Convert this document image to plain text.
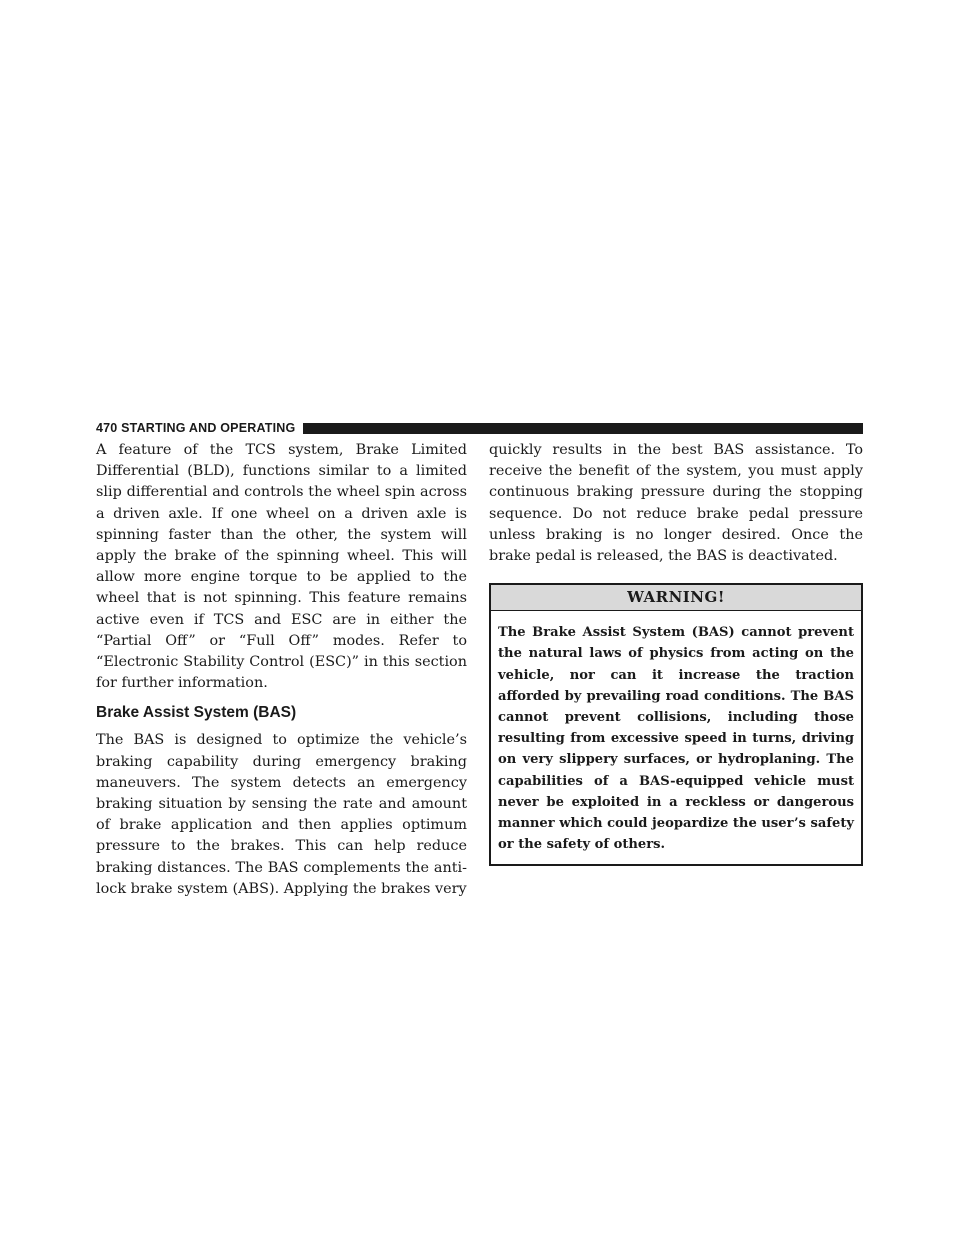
470 STARTING AND OPERATING

A feature of the TCS system, Brake Limited Differential (BLD), functions similar to a limited slip differential and controls the wheel spin across a driven axle. If one wheel on a driven axle is spinning faster than the other, the system will apply the brake of the spinning wheel. This will allow more engine torque to be applied to the wheel that is not spinning. This feature remains active even if TCS and ESC are in either the “Partial Off” or “Full Off” modes. Refer to “Electronic Stability Control (ESC)” in this section for further information.

Brake Assist System (BAS)

The BAS is designed to optimize the vehicle’s braking capability during emergency braking maneuvers. The system detects an emergency braking situation by sensing the rate and amount of brake application and then applies optimum pressure to the brakes. This can help reduce braking distances. The BAS complements the anti-lock brake system (ABS). Applying the brakes very

quickly results in the best BAS assistance. To receive the benefit of the system, you must apply continuous braking pressure during the stopping sequence. Do not reduce brake pedal pressure unless braking is no longer desired. Once the brake pedal is released, the BAS is deactivated.

WARNING!
The Brake Assist System (BAS) cannot prevent the natural laws of physics from acting on the vehicle, nor can it increase the traction afforded by prevailing road conditions. The BAS cannot prevent collisions, including those resulting from excessive speed in turns, driving on very slippery surfaces, or hydroplaning. The capabilities of a BAS-equipped vehicle must never be exploited in a reckless or dangerous manner which could jeopardize the user’s safety or the safety of others.
